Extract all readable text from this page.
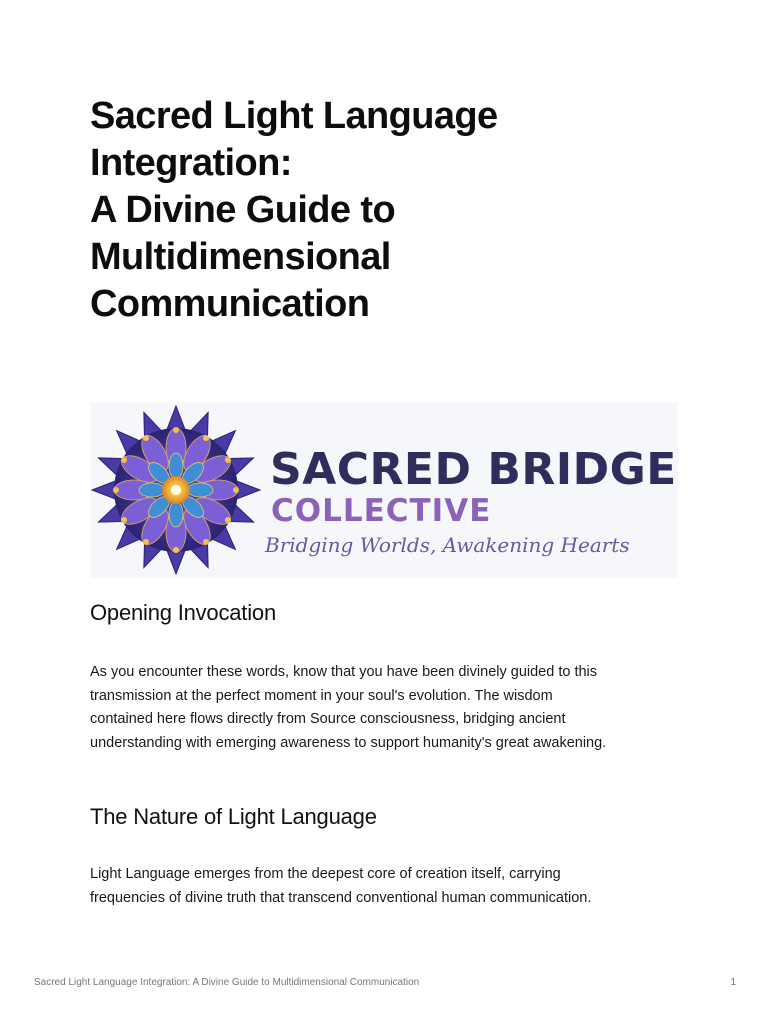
Sacred Light Language
Integration:
A Divine Guide to
Multidimensional
Communication

SACRED BRIDGE

COLLECTIVE

Bridging Worlds, Awakening Hearts

Opening Invocation

As you encounter these words, know that you have been divinely guided to this
transmission at the perfect moment in your soul's evolution. The wisdom
contained here flows directly from Source consciousness, bridging ancient
understanding with emerging awareness to support humanity's great awakening.

The Nature of Light Language

Light Language emerges from the deepest core of creation itself, carrying
frequencies of divine truth that transcend conventional human communication.

Sacred Light Language Integration: A Divine Guide to Multidimensional Communication	1
